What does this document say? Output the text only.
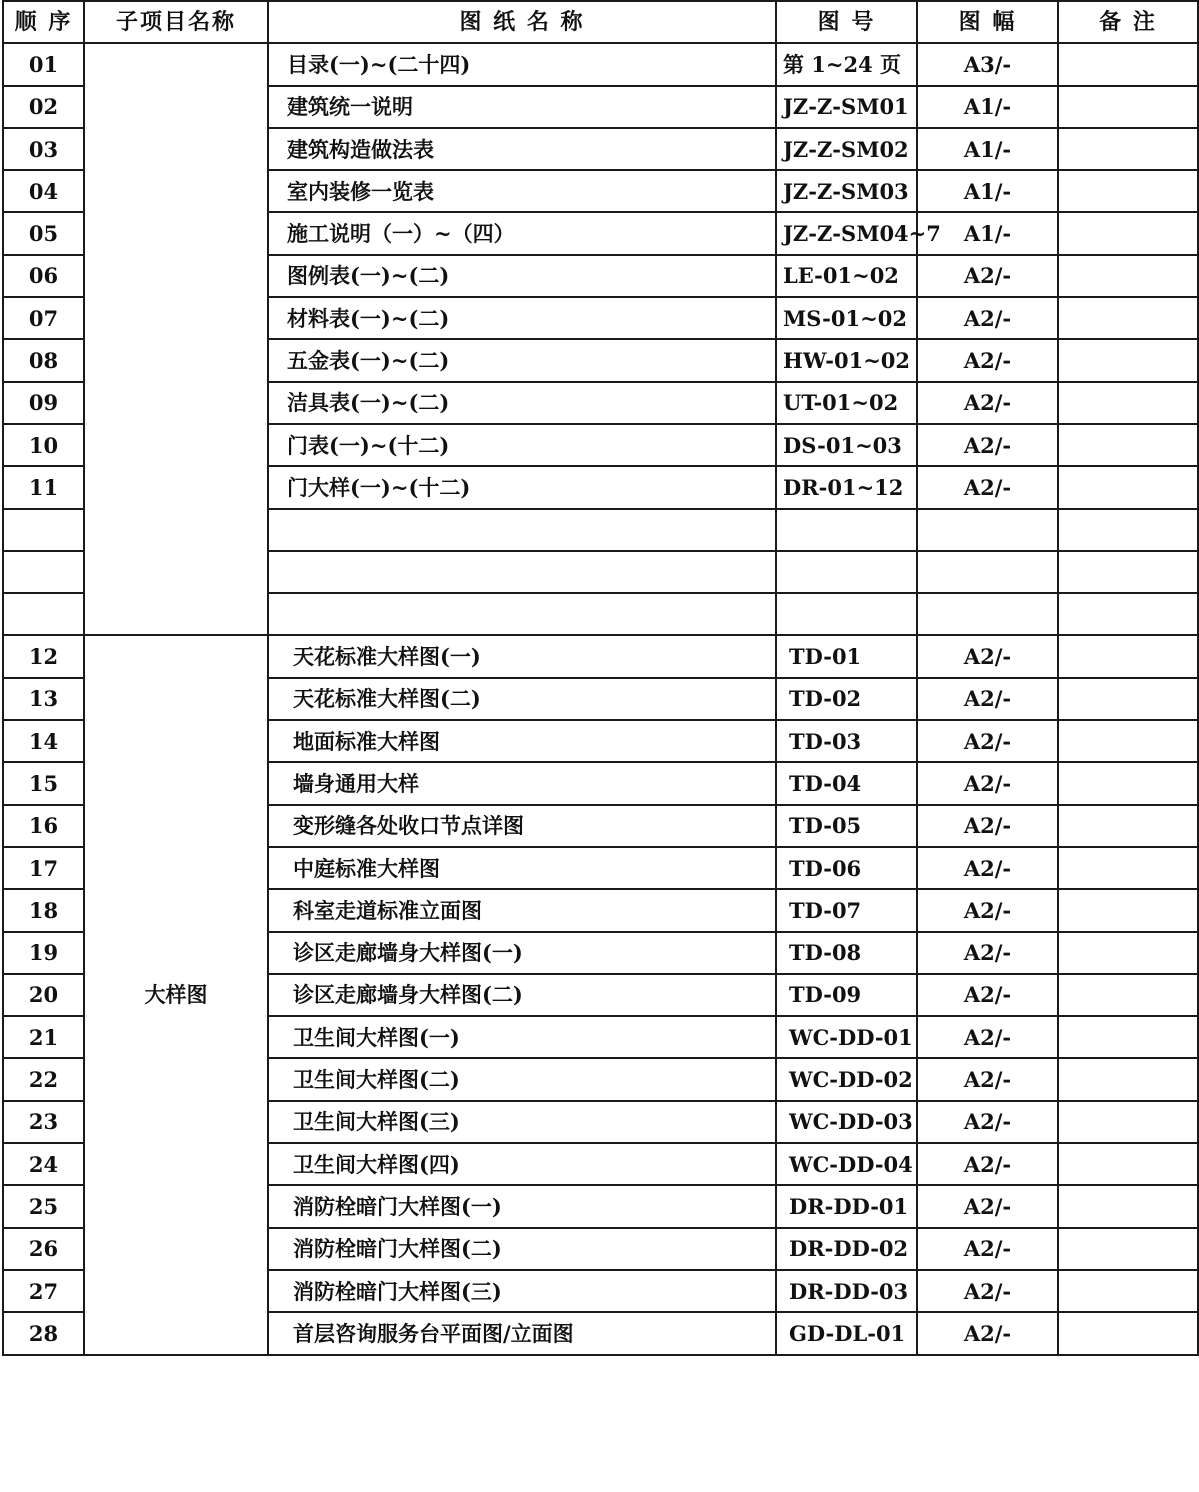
顺 序	子项目名称	图 纸 名 称	图 号	图 幅	备 注
01		目录(一)~(二十四)	第 1~24 页	A3/-	
02		建筑统一说明	JZ-Z-SM01	A1/-	
03		建筑构造做法表	JZ-Z-SM02	A1/-	
04		室内装修一览表	JZ-Z-SM03	A1/-	
05		施工说明（一）~（四）	JZ-Z-SM04~7	A1/-	
06		图例表(一)~(二)	LE-01~02	A2/-	
07		材料表(一)~(二)	MS-01~02	A2/-	
08		五金表(一)~(二)	HW-01~02	A2/-	
09		洁具表(一)~(二)	UT-01~02	A2/-	
10		门表(一)~(十二)	DS-01~03	A2/-	
11		门大样(一)~(十二)	DR-01~12	A2/-	

12	大样图	天花标准大样图(一)	TD-01	A2/-	
13		天花标准大样图(二)	TD-02	A2/-	
14		地面标准大样图	TD-03	A2/-	
15		墙身通用大样	TD-04	A2/-	
16		变形缝各处收口节点详图	TD-05	A2/-	
17		中庭标准大样图	TD-06	A2/-	
18		科室走道标准立面图	TD-07	A2/-	
19		诊区走廊墙身大样图(一)	TD-08	A2/-	
20		诊区走廊墙身大样图(二)	TD-09	A2/-	
21		卫生间大样图(一)	WC-DD-01	A2/-	
22		卫生间大样图(二)	WC-DD-02	A2/-	
23		卫生间大样图(三)	WC-DD-03	A2/-	
24		卫生间大样图(四)	WC-DD-04	A2/-	
25		消防栓暗门大样图(一)	DR-DD-01	A2/-	
26		消防栓暗门大样图(二)	DR-DD-02	A2/-	
27		消防栓暗门大样图(三)	DR-DD-03	A2/-	
28		首层咨询服务台平面图/立面图	GD-DL-01	A2/-	
